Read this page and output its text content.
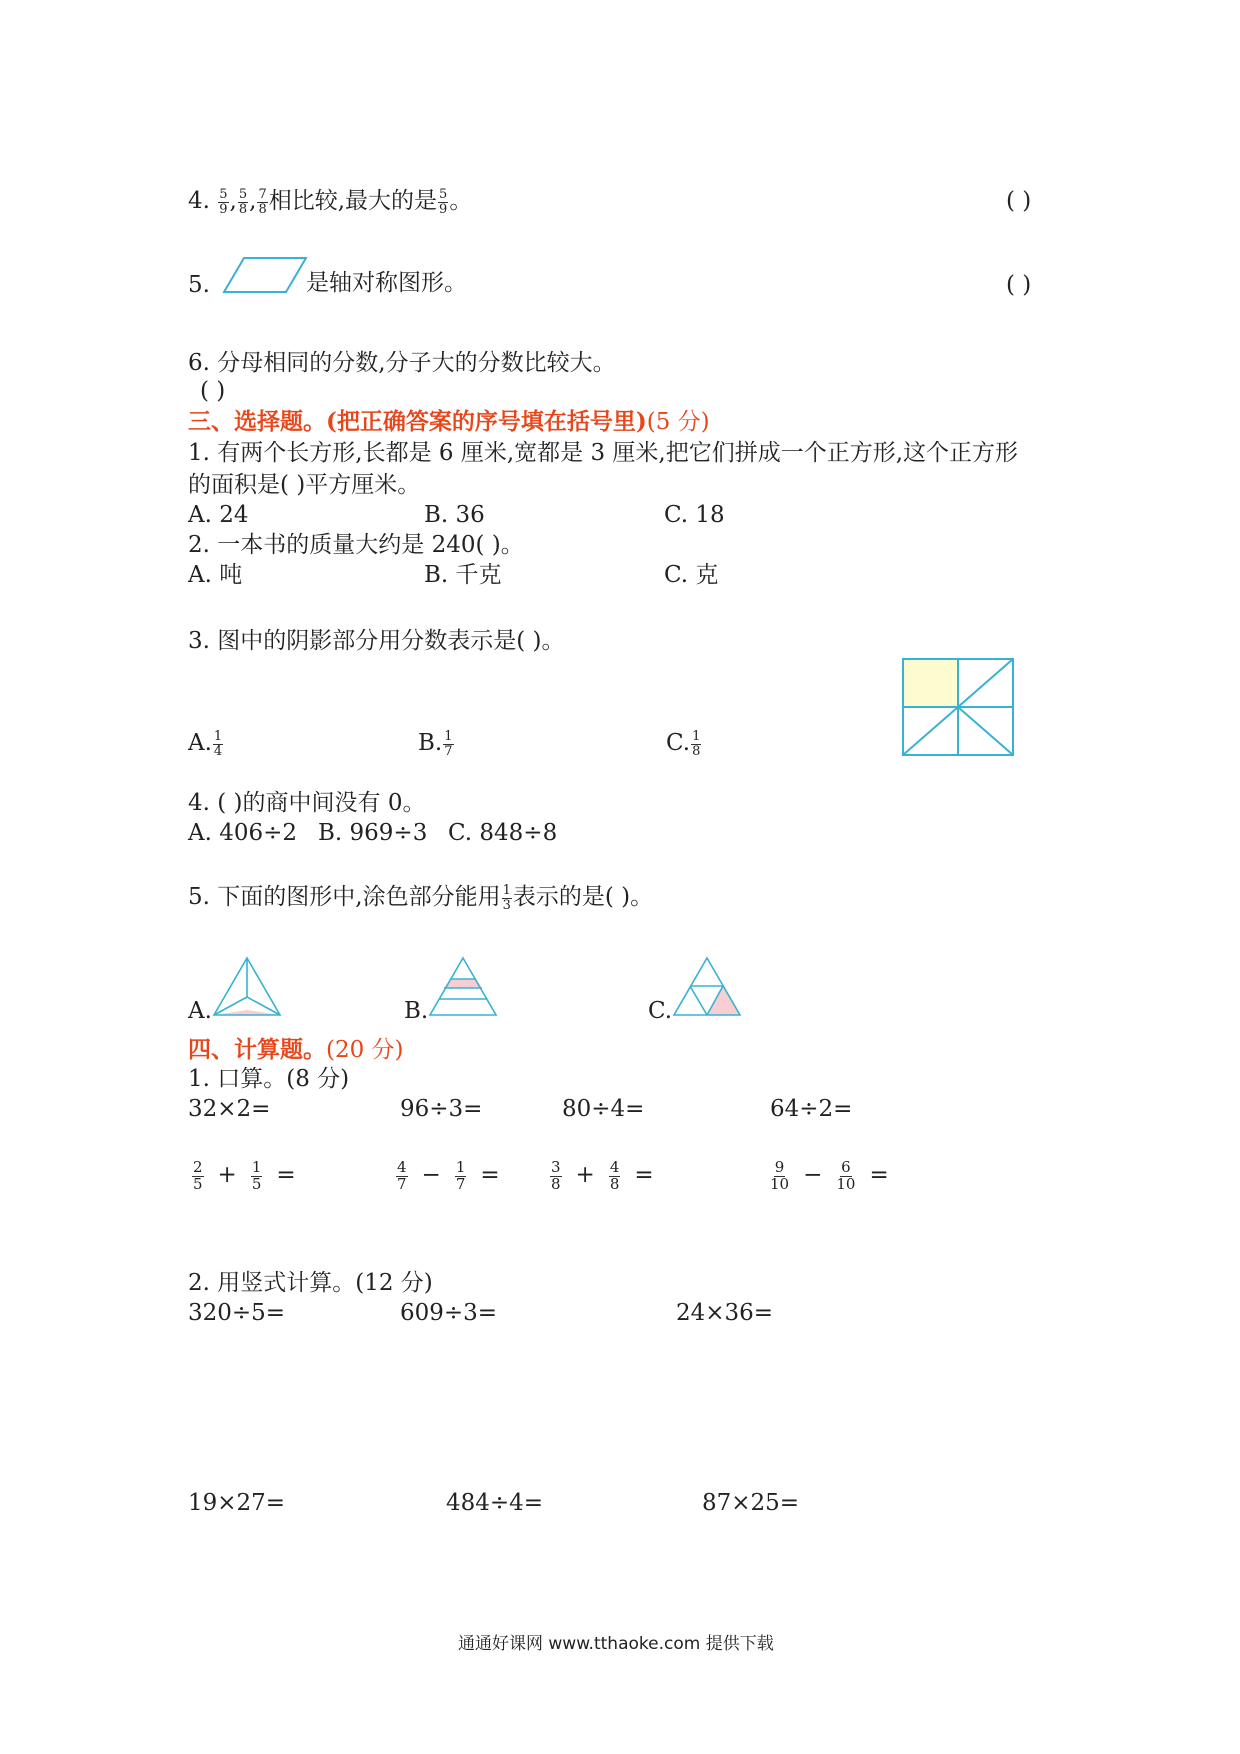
4. $\frac{5}{9}$ , $\frac{5}{8}$ , $\frac{7}{8}$ 相比较,最大的是 $\frac{5}{9}$ 。	( )
5.	是轴对称图形。	( )
6. 分母相同的分数,分子大的分数比较大。
( )
三、选择题。(把正确答案的序号填在括号里)(5 分)
1. 有两个长方形,长都是 6 厘米,宽都是 3 厘米,把它们拼成一个正方形,这个正方形
的面积是( )平方厘米。
A. 24	B. 36	C. 18
2. 一本书的质量大约是 240( )。
A. 吨	B. 千克	C. 克
3. 图中的阴影部分用分数表示是( )。
A. $\frac{1}{4}$	B. $\frac{1}{7}$	C. $\frac{1}{8}$
4. ( )的商中间没有 0。
A. 406÷2 B. 969÷3 C. 848÷8
5. 下面的图形中,涂色部分能用 $\frac{1}{3}$ 表示的是( )。
A.	B.	C.
四、计算题。(20 分)
1. 口算。(8 分)
32×2=	96÷3=	80÷4=	64÷2=
$\frac{2}{5} + \frac{1}{5}$ =	$\frac{4}{7} - \frac{1}{7}$ =	$\frac{3}{8} + \frac{4}{8}$ =	$\frac{9}{10} - \frac{6}{10}$ =
2. 用竖式计算。(12 分)
320÷5=	609÷3=	24×36=
19×27=	484÷4=	87×25=
通通好课网 www.tthaoke.com 提供下载
